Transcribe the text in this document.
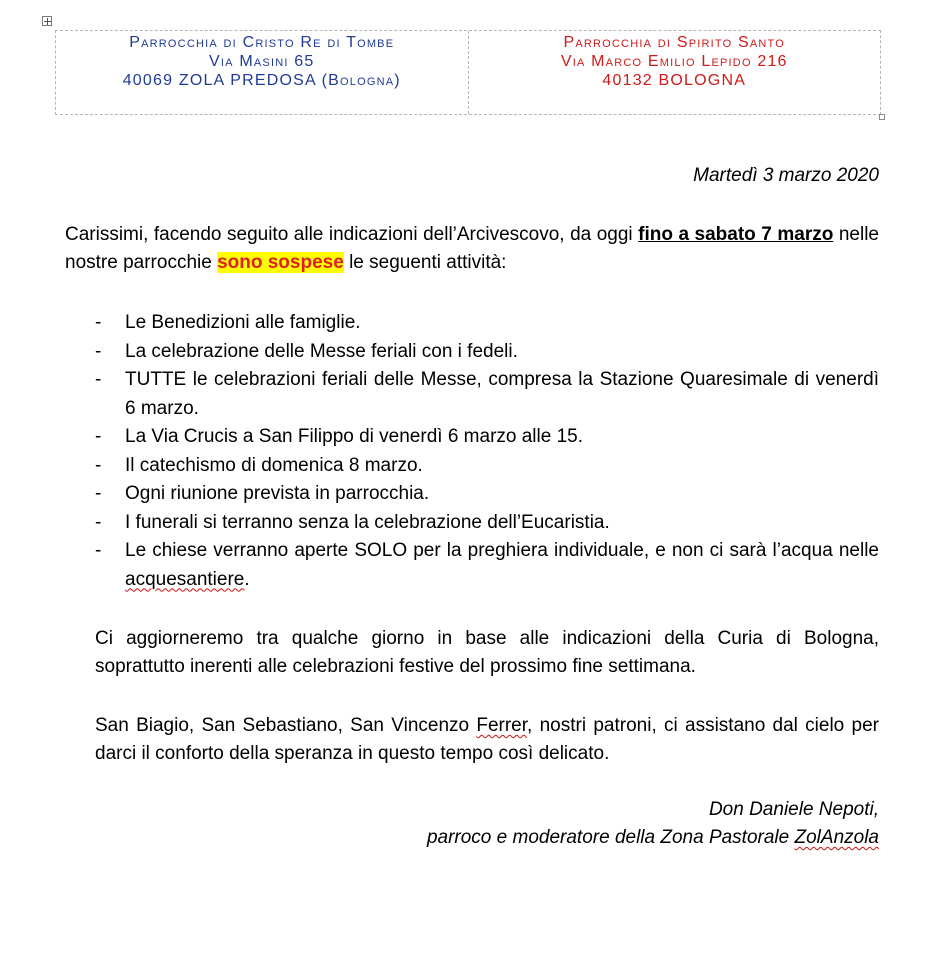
Parrocchia di Cristo Re di Tombe
Via Masini 65
40069 ZOLA PREDOSA (Bologna)
Parrocchia di Spirito Santo
Via Marco Emilio Lepido 216
40132 BOLOGNA
Martedì 3 marzo 2020
Carissimi, facendo seguito alle indicazioni dell’Arcivescovo, da oggi fino a sabato 7 marzo nelle nostre parrocchie sono sospese le seguenti attività:
- Le Benedizioni alle famiglie.
- La celebrazione delle Messe feriali con i fedeli.
- TUTTE le celebrazioni feriali delle Messe, compresa la Stazione Quaresimale di venerdì 6 marzo.
- La Via Crucis a San Filippo di venerdì 6 marzo alle 15.
- Il catechismo di domenica 8 marzo.
- Ogni riunione prevista in parrocchia.
- I funerali si terranno senza la celebrazione dell’Eucaristia.
- Le chiese verranno aperte SOLO per la preghiera individuale, e non ci sarà l’acqua nelle acquesantiere.
Ci aggiorneremo tra qualche giorno in base alle indicazioni della Curia di Bologna, soprattutto inerenti alle celebrazioni festive del prossimo fine settimana.
San Biagio, San Sebastiano, San Vincenzo Ferrer, nostri patroni, ci assistano dal cielo per darci il conforto della speranza in questo tempo così delicato.
Don Daniele Nepoti,
parroco e moderatore della Zona Pastorale ZolAnzola
